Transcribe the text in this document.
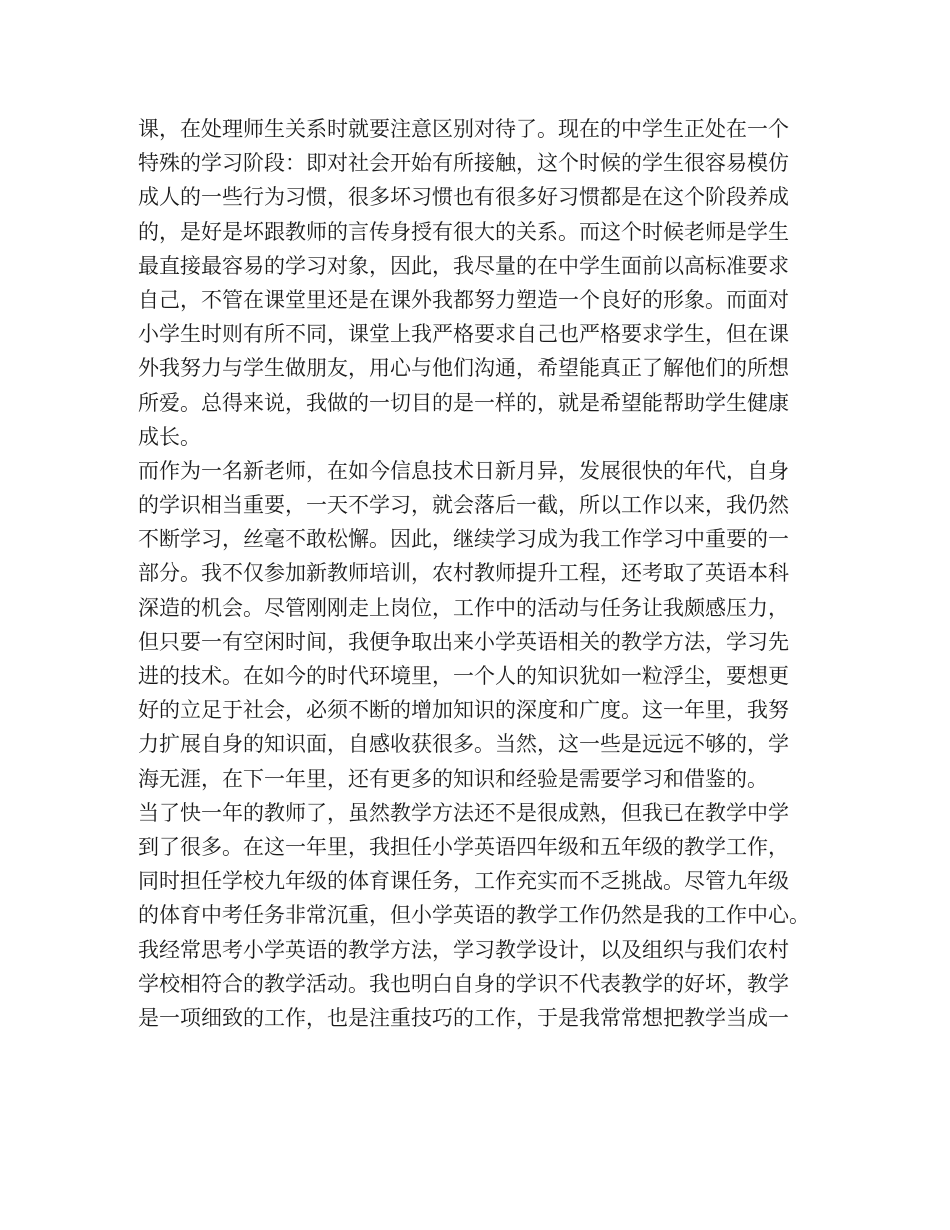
课，在处理师生关系时就要注意区别对待了。现在的中学生正处在一个
特殊的学习阶段：即对社会开始有所接触，这个时候的学生很容易模仿
成人的一些行为习惯，很多坏习惯也有很多好习惯都是在这个阶段养成
的，是好是坏跟教师的言传身授有很大的关系。而这个时候老师是学生
最直接最容易的学习对象，因此，我尽量的在中学生面前以高标准要求
自己，不管在课堂里还是在课外我都努力塑造一个良好的形象。而面对
小学生时则有所不同，课堂上我严格要求自己也严格要求学生，但在课
外我努力与学生做朋友，用心与他们沟通，希望能真正了解他们的所想
所爱。总得来说，我做的一切目的是一样的，就是希望能帮助学生健康
成长。
而作为一名新老师，在如今信息技术日新月异，发展很快的年代，自身
的学识相当重要，一天不学习，就会落后一截，所以工作以来，我仍然
不断学习，丝毫不敢松懈。因此，继续学习成为我工作学习中重要的一
部分。我不仅参加新教师培训，农村教师提升工程，还考取了英语本科
深造的机会。尽管刚刚走上岗位，工作中的活动与任务让我颇感压力，
但只要一有空闲时间，我便争取出来小学英语相关的教学方法，学习先
进的技术。在如今的时代环境里，一个人的知识犹如一粒浮尘，要想更
好的立足于社会，必须不断的增加知识的深度和广度。这一年里，我努
力扩展自身的知识面，自感收获很多。当然，这一些是远远不够的，学
海无涯，在下一年里，还有更多的知识和经验是需要学习和借鉴的。
当了快一年的教师了，虽然教学方法还不是很成熟，但我已在教学中学
到了很多。在这一年里，我担任小学英语四年级和五年级的教学工作，
同时担任学校九年级的体育课任务，工作充实而不乏挑战。尽管九年级
的体育中考任务非常沉重，但小学英语的教学工作仍然是我的工作中心。
我经常思考小学英语的教学方法，学习教学设计，以及组织与我们农村
学校相符合的教学活动。我也明白自身的学识不代表教学的好坏，教学
是一项细致的工作，也是注重技巧的工作，于是我常常想把教学当成一
